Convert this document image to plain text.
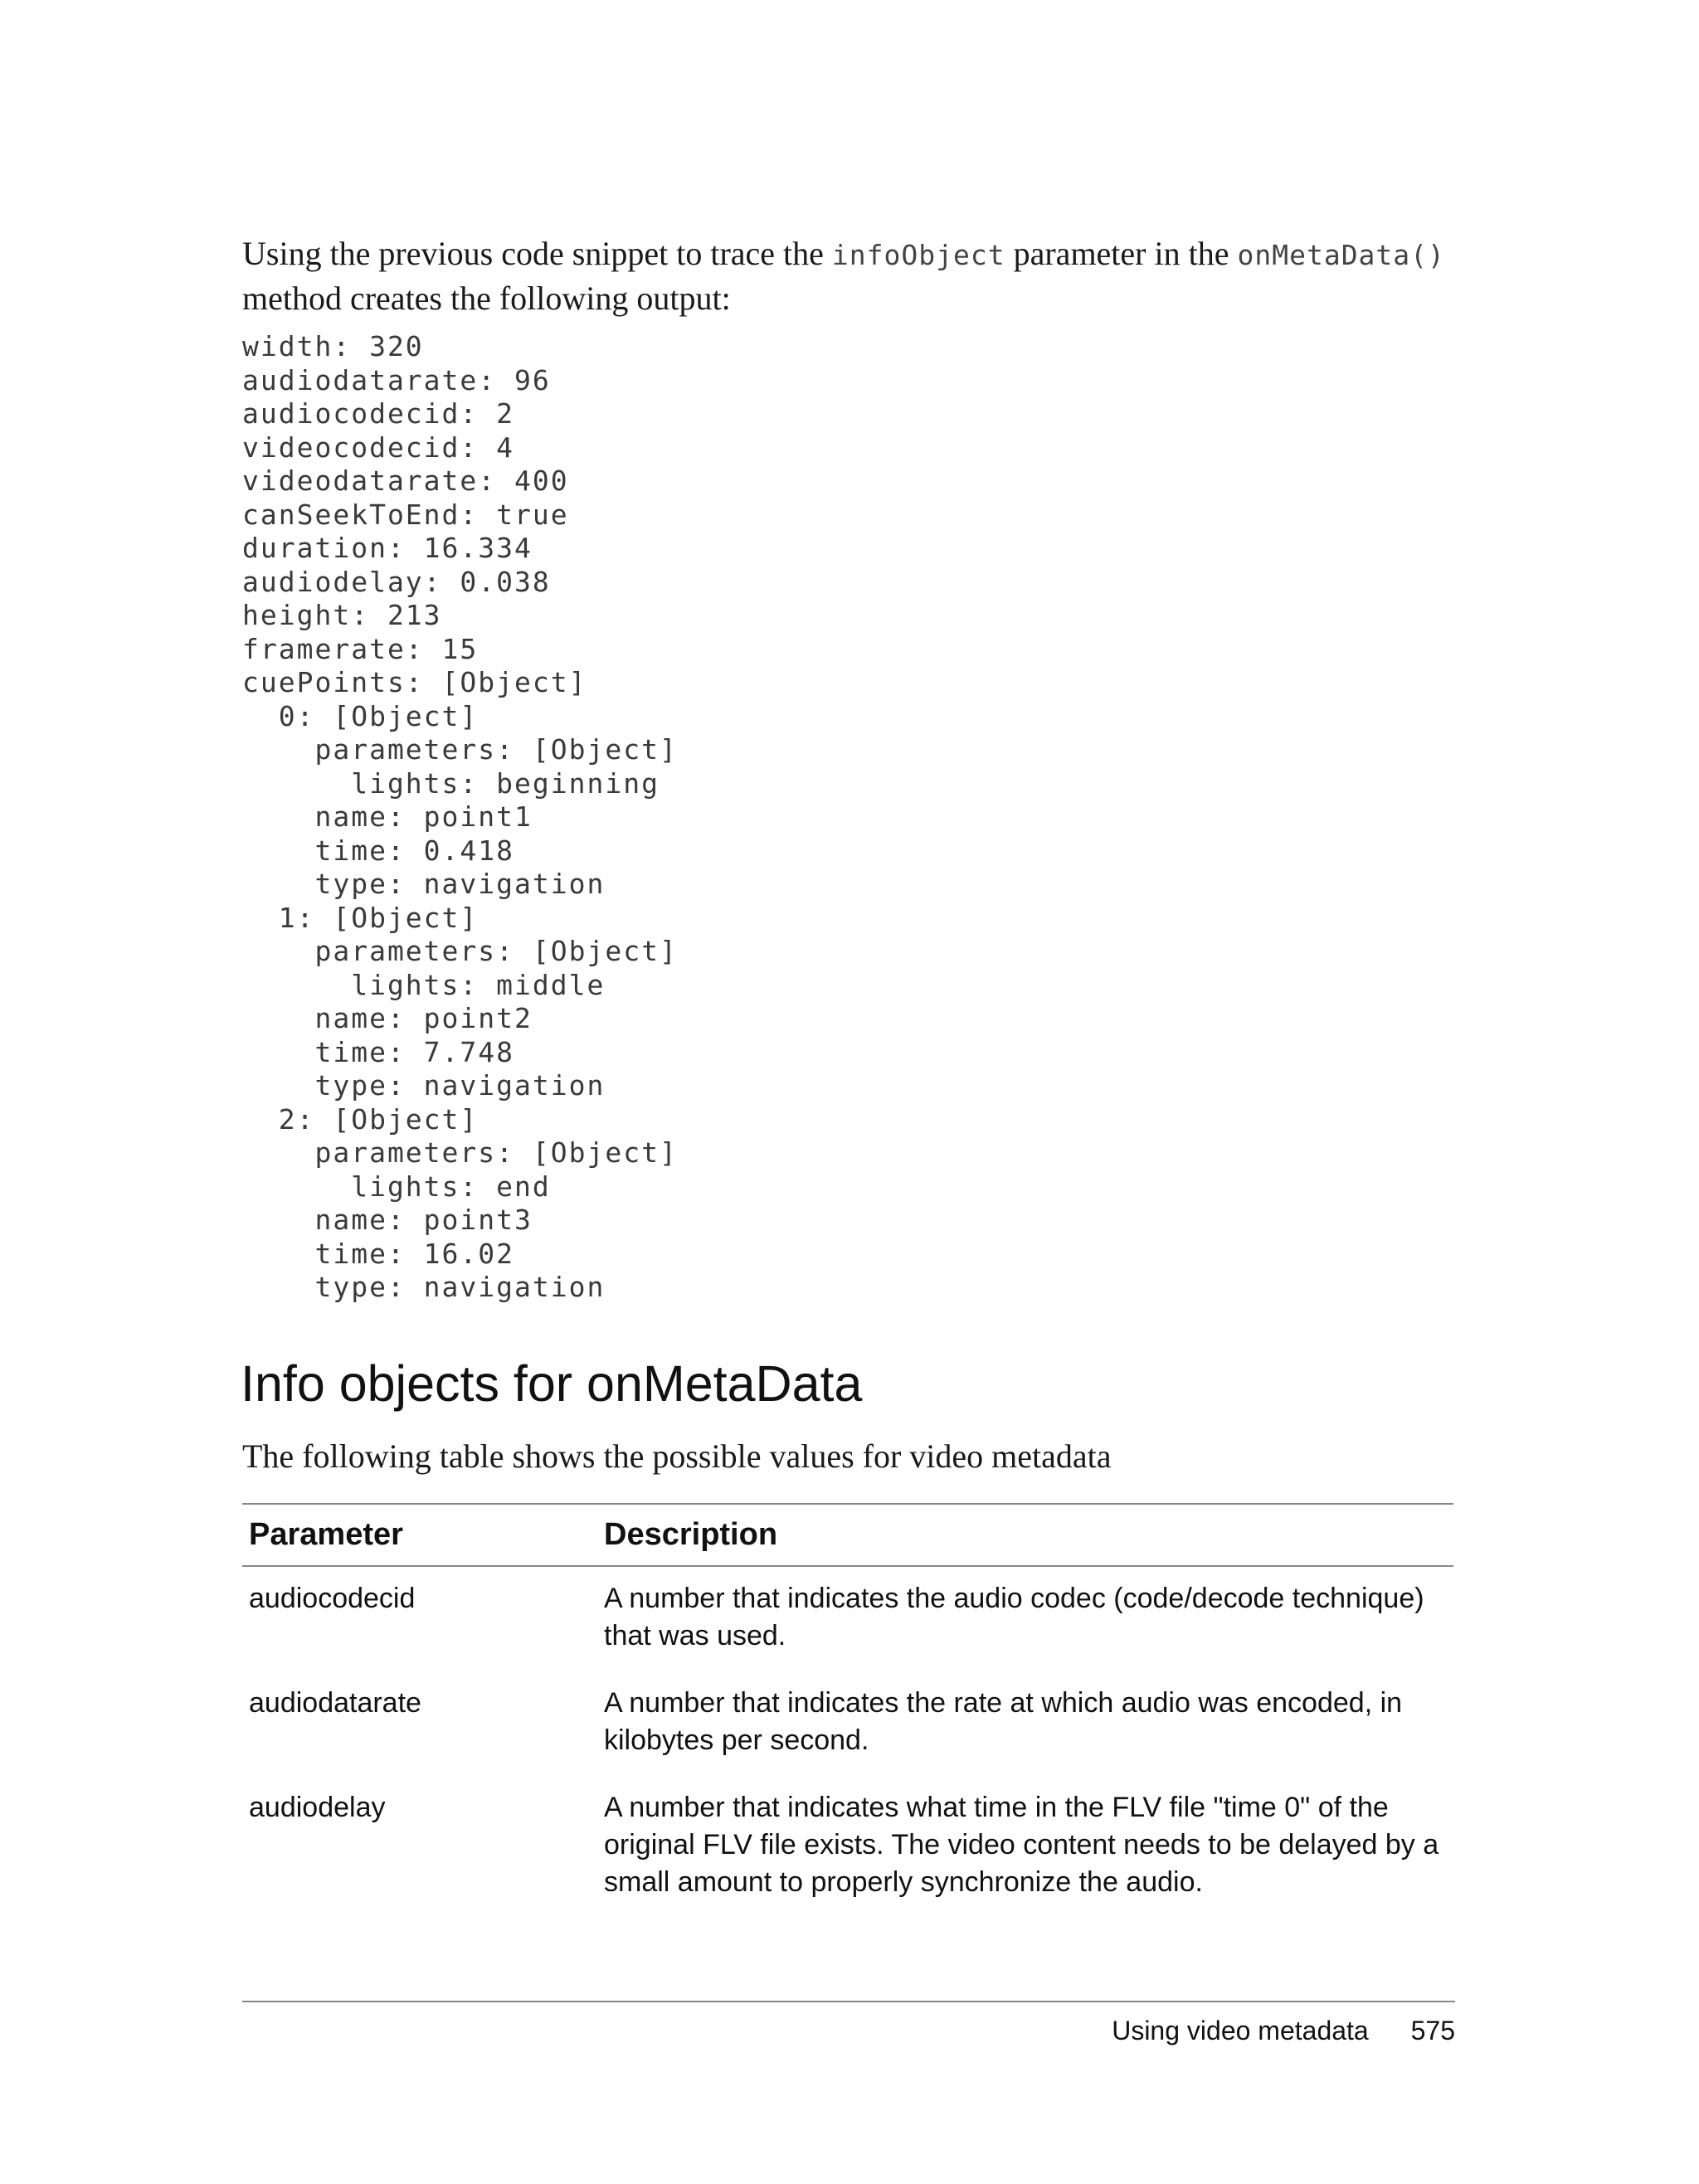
Using the previous code snippet to trace the infoObject parameter in the onMetaData() method creates the following output:

width: 320
audiodatarate: 96
audiocodecid: 2
videocodecid: 4
videodatarate: 400
canSeekToEnd: true
duration: 16.334
audiodelay: 0.038
height: 213
framerate: 15
cuePoints: [Object]
0: [Object]
parameters: [Object]
lights: beginning
name: point1
time: 0.418
type: navigation
1: [Object]
parameters: [Object]
lights: middle
name: point2
time: 7.748
type: navigation
2: [Object]
parameters: [Object]
lights: end
name: point3
time: 16.02
type: navigation
Info objects for onMetaData

The following table shows the possible values for video metadata

Parameter	Description
audiocodecid	A number that indicates the audio codec (code/decode technique) that was used.
audiodatarate	A number that indicates the rate at which audio was encoded, in kilobytes per second.
audiodelay	A number that indicates what time in the FLV file "time 0" of the original FLV file exists. The video content needs to be delayed by a small amount to properly synchronize the audio.
Using video metadata 575
